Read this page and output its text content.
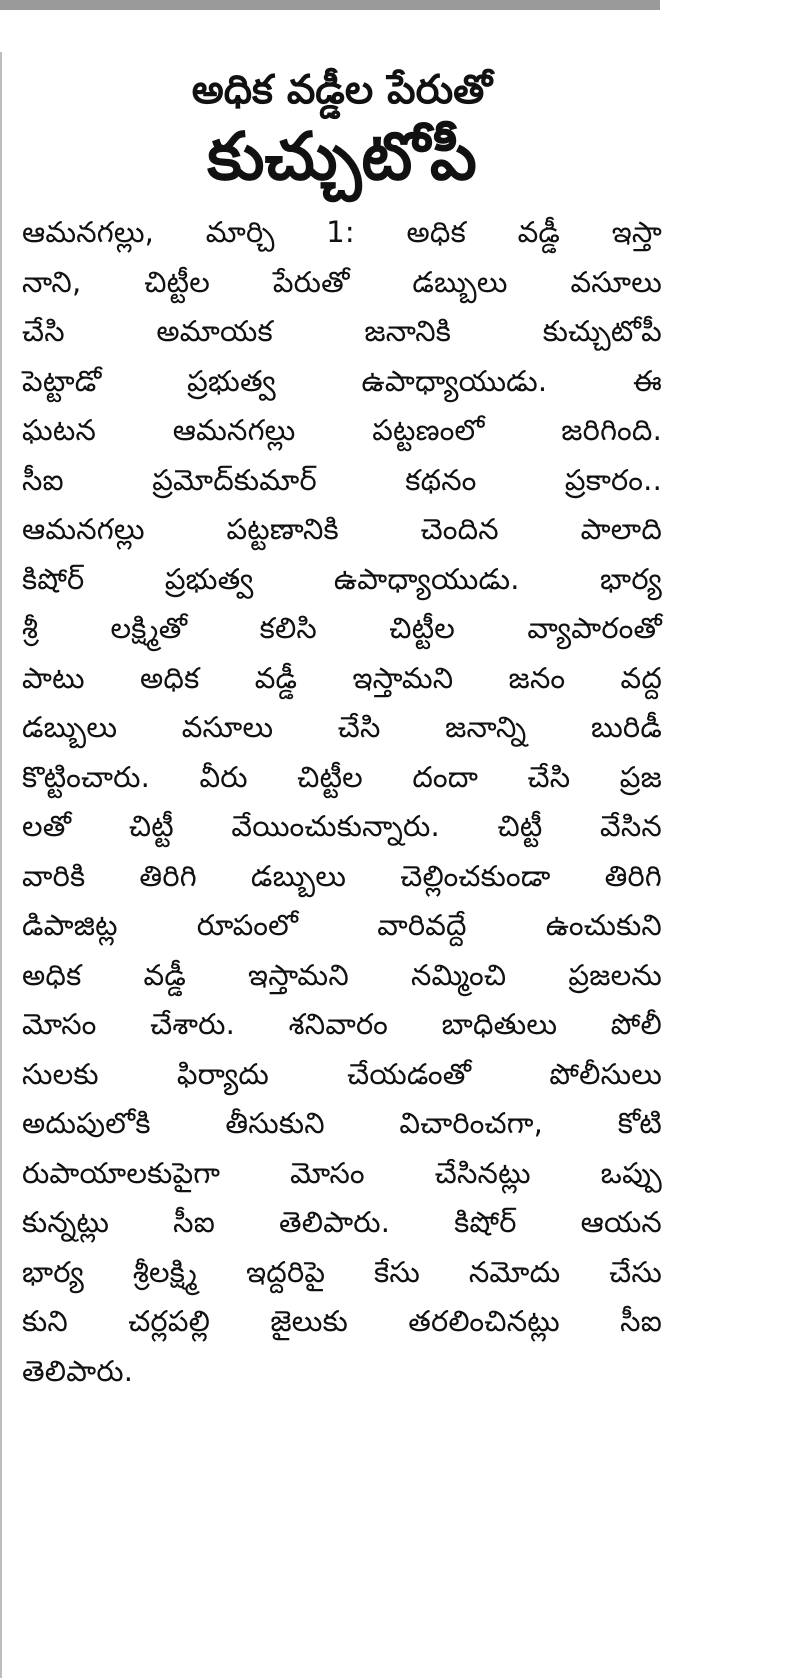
అధిక వడ్డీల పేరుతో
కుచ్చుటోపీ
ఆమనగల్లు, మార్చి 1: అధిక వడ్డీ ఇస్తా
నాని, చిట్టీల పేరుతో డబ్బులు వసూలు
చేసి అమాయక జనానికి కుచ్చుటోపీ
పెట్టాడో ప్రభుత్వ ఉపాధ్యాయుడు. ఈ
ఘటన ఆమనగల్లు పట్టణంలో జరిగింది.
సీఐ ప్రమోద్‌కుమార్ కథనం ప్రకారం..
ఆమనగల్లు పట్టణానికి చెందిన పాలాది
కిషోర్ ప్రభుత్వ ఉపాధ్యాయుడు. భార్య
శ్రీ లక్ష్మితో కలిసి చిట్టీల వ్యాపారంతో
పాటు అధిక వడ్డీ ఇస్తామని జనం వద్ద
డబ్బులు వసూలు చేసి జనాన్ని బురిడీ
కొట్టించారు. వీరు చిట్టీల దందా చేసి ప్రజ
లతో చిట్టీ వేయించుకున్నారు. చిట్టీ వేసిన
వారికి తిరిగి డబ్బులు చెల్లించకుండా తిరిగి
డిపాజిట్ల రూపంలో వారివద్దే ఉంచుకుని
అధిక వడ్డీ ఇస్తామని నమ్మించి ప్రజలను
మోసం చేశారు. శనివారం బాధితులు పోలీ
సులకు ఫిర్యాదు చేయడంతో పోలీసులు
అదుపులోకి తీసుకుని విచారించగా, కోటి
రుపాయాలకుపైగా మోసం చేసినట్లు ఒప్పు
కున్నట్లు సీఐ తెలిపారు. కిషోర్ ఆయన
భార్య శ్రీలక్ష్మి ఇద్దరిపై కేసు నమోదు చేసు
కుని చర్లపల్లి జైలుకు తరలించినట్లు సీఐ
తెలిపారు.
